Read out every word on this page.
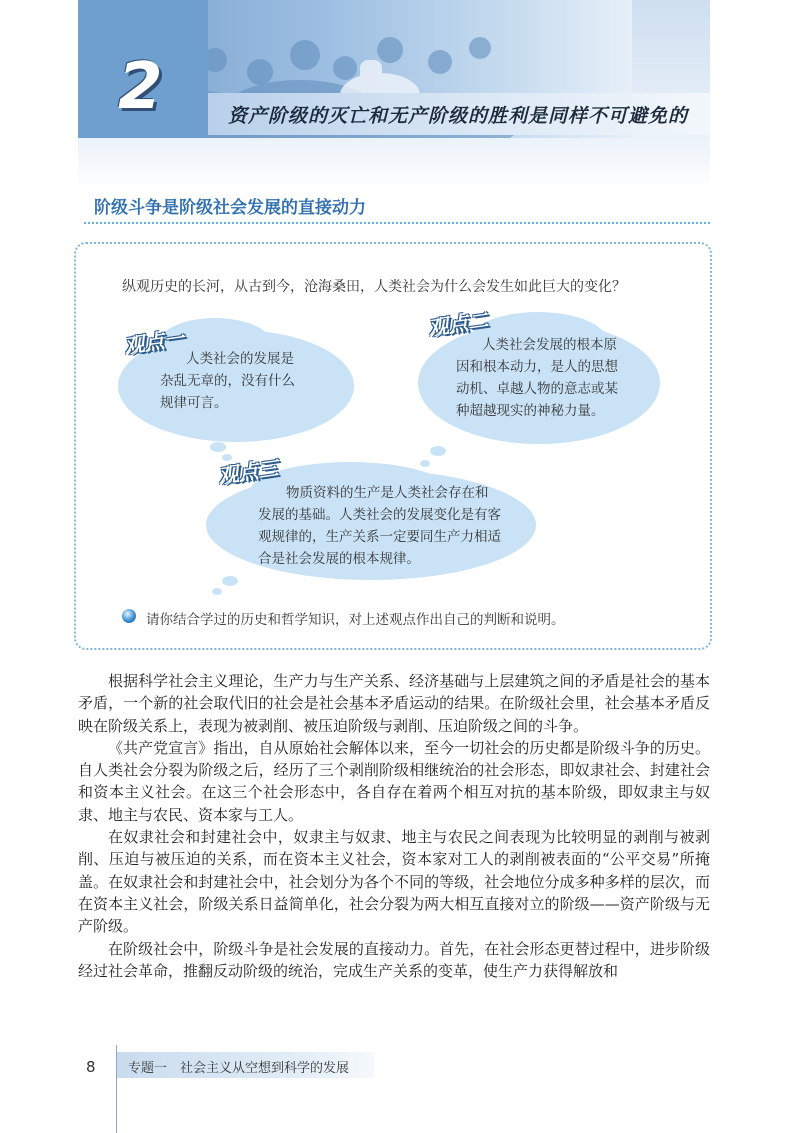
2	资产阶级的灭亡和无产阶级的胜利是同样不可避免的
阶级斗争是阶级社会发展的直接动力
纵观历史的长河，从古到今，沧海桑田，人类社会为什么会发生如此巨大的变化？
观点一
人类社会的发展是
杂乱无章的，没有什么
规律可言。
观点二
人类社会发展的根本原
因和根本动力，是人的思想
动机、卓越人物的意志或某
种超越现实的神秘力量。
观点三
物质资料的生产是人类社会存在和
发展的基础。人类社会的发展变化是有客
观规律的，生产关系一定要同生产力相适
合是社会发展的根本规律。
请你结合学过的历史和哲学知识，对上述观点作出自己的判断和说明。

根据科学社会主义理论，生产力与生产关系、经济基础与上层建筑之间的矛盾是社会的基本矛盾，一个新的社会取代旧的社会是社会基本矛盾运动的结果。在阶级社会里，社会基本矛盾反映在阶级关系上，表现为被剥削、被压迫阶级与剥削、压迫阶级之间的斗争。

《共产党宣言》指出，自从原始社会解体以来，至今一切社会的历史都是阶级斗争的历史。自人类社会分裂为阶级之后，经历了三个剥削阶级相继统治的社会形态，即奴隶社会、封建社会和资本主义社会。在这三个社会形态中，各自存在着两个相互对抗的基本阶级，即奴隶主与奴隶、地主与农民、资本家与工人。

在奴隶社会和封建社会中，奴隶主与奴隶、地主与农民之间表现为比较明显的剥削与被剥削、压迫与被压迫的关系，而在资本主义社会，资本家对工人的剥削被表面的“公平交易”所掩盖。在奴隶社会和封建社会中，社会划分为各个不同的等级，社会地位分成多种多样的层次，而在资本主义社会，阶级关系日益简单化，社会分裂为两大相互直接对立的阶级——资产阶级与无产阶级。

在阶级社会中，阶级斗争是社会发展的直接动力。首先，在社会形态更替过程中，进步阶级经过社会革命，推翻反动阶级的统治，完成生产关系的变革，使生产力获得解放和

8 专题一　社会主义从空想到科学的发展
